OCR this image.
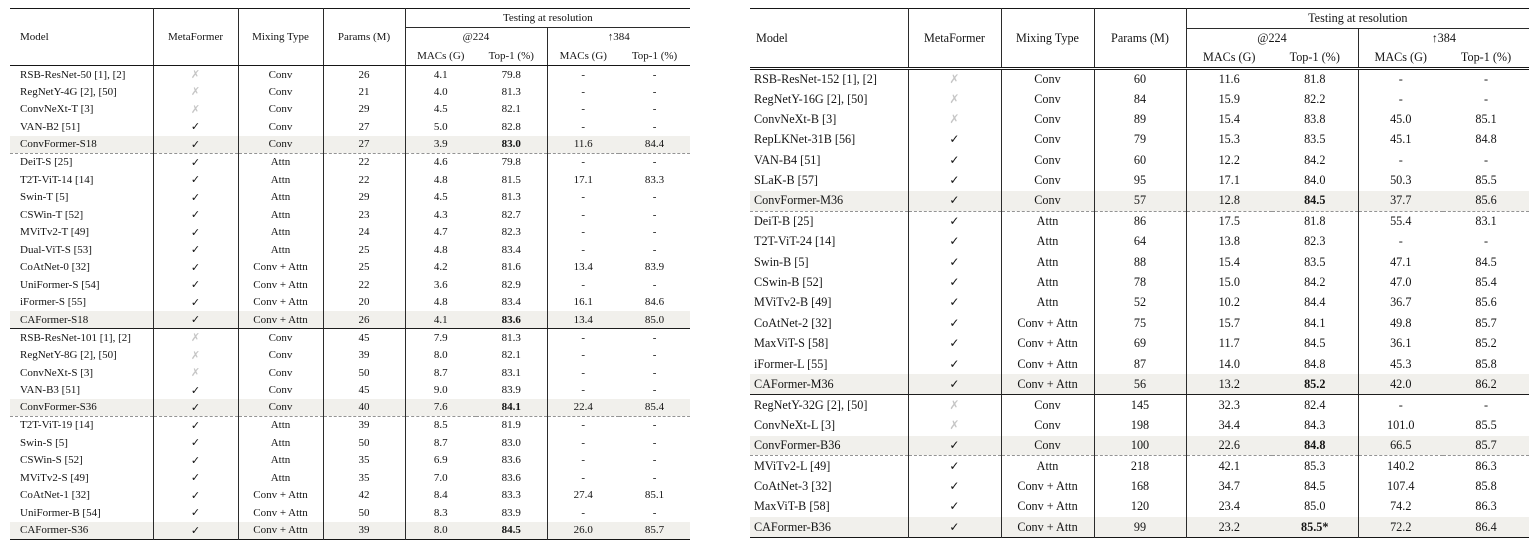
Model	MetaFormer	Mixing Type	Params (M)	Testing at resolution			
				@224		↑384	
				MACs (G)	Top-1 (%)	MACs (G)	Top-1 (%)
RSB-ResNet-50 [1], [2]	✗	Conv	26	4.1	79.8	-	-
RegNetY-4G [2], [50]	✗	Conv	21	4.0	81.3	-	-
ConvNeXt-T [3]	✗	Conv	29	4.5	82.1	-	-
VAN-B2 [51]	✓	Conv	27	5.0	82.8	-	-
ConvFormer-S18	✓	Conv	27	3.9	83.0	11.6	84.4
DeiT-S [25]	✓	Attn	22	4.6	79.8	-	-
T2T-ViT-14 [14]	✓	Attn	22	4.8	81.5	17.1	83.3
Swin-T [5]	✓	Attn	29	4.5	81.3	-	-
CSWin-T [52]	✓	Attn	23	4.3	82.7	-	-
MViTv2-T [49]	✓	Attn	24	4.7	82.3	-	-
Dual-ViT-S [53]	✓	Attn	25	4.8	83.4	-	-
CoAtNet-0 [32]	✓	Conv + Attn	25	4.2	81.6	13.4	83.9
UniFormer-S [54]	✓	Conv + Attn	22	3.6	82.9	-	-
iFormer-S [55]	✓	Conv + Attn	20	4.8	83.4	16.1	84.6
CAFormer-S18	✓	Conv + Attn	26	4.1	83.6	13.4	85.0
RSB-ResNet-101 [1], [2]	✗	Conv	45	7.9	81.3	-	-
RegNetY-8G [2], [50]	✗	Conv	39	8.0	82.1	-	-
ConvNeXt-S [3]	✗	Conv	50	8.7	83.1	-	-
VAN-B3 [51]	✓	Conv	45	9.0	83.9	-	-
ConvFormer-S36	✓	Conv	40	7.6	84.1	22.4	85.4
T2T-ViT-19 [14]	✓	Attn	39	8.5	81.9	-	-
Swin-S [5]	✓	Attn	50	8.7	83.0	-	-
CSWin-S [52]	✓	Attn	35	6.9	83.6	-	-
MViTv2-S [49]	✓	Attn	35	7.0	83.6	-	-
CoAtNet-1 [32]	✓	Conv + Attn	42	8.4	83.3	27.4	85.1
UniFormer-B [54]	✓	Conv + Attn	50	8.3	83.9	-	-
CAFormer-S36	✓	Conv + Attn	39	8.0	84.5	26.0	85.7
Model	MetaFormer	Mixing Type	Params (M)	Testing at resolution			
				@224		↑384	
				MACs (G)	Top-1 (%)	MACs (G)	Top-1 (%)
RSB-ResNet-152 [1], [2]	✗	Conv	60	11.6	81.8	-	-
RegNetY-16G [2], [50]	✗	Conv	84	15.9	82.2	-	-
ConvNeXt-B [3]	✗	Conv	89	15.4	83.8	45.0	85.1
RepLKNet-31B [56]	✓	Conv	79	15.3	83.5	45.1	84.8
VAN-B4 [51]	✓	Conv	60	12.2	84.2	-	-
SLaK-B [57]	✓	Conv	95	17.1	84.0	50.3	85.5
ConvFormer-M36	✓	Conv	57	12.8	84.5	37.7	85.6
DeiT-B [25]	✓	Attn	86	17.5	81.8	55.4	83.1
T2T-ViT-24 [14]	✓	Attn	64	13.8	82.3	-	-
Swin-B [5]	✓	Attn	88	15.4	83.5	47.1	84.5
CSwin-B [52]	✓	Attn	78	15.0	84.2	47.0	85.4
MViTv2-B [49]	✓	Attn	52	10.2	84.4	36.7	85.6
CoAtNet-2 [32]	✓	Conv + Attn	75	15.7	84.1	49.8	85.7
MaxViT-S [58]	✓	Conv + Attn	69	11.7	84.5	36.1	85.2
iFormer-L [55]	✓	Conv + Attn	87	14.0	84.8	45.3	85.8
CAFormer-M36	✓	Conv + Attn	56	13.2	85.2	42.0	86.2
RegNetY-32G [2], [50]	✗	Conv	145	32.3	82.4	-	-
ConvNeXt-L [3]	✗	Conv	198	34.4	84.3	101.0	85.5
ConvFormer-B36	✓	Conv	100	22.6	84.8	66.5	85.7
MViTv2-L [49]	✓	Attn	218	42.1	85.3	140.2	86.3
CoAtNet-3 [32]	✓	Conv + Attn	168	34.7	84.5	107.4	85.8
MaxViT-B [58]	✓	Conv + Attn	120	23.4	85.0	74.2	86.3
CAFormer-B36	✓	Conv + Attn	99	23.2	85.5*	72.2	86.4
